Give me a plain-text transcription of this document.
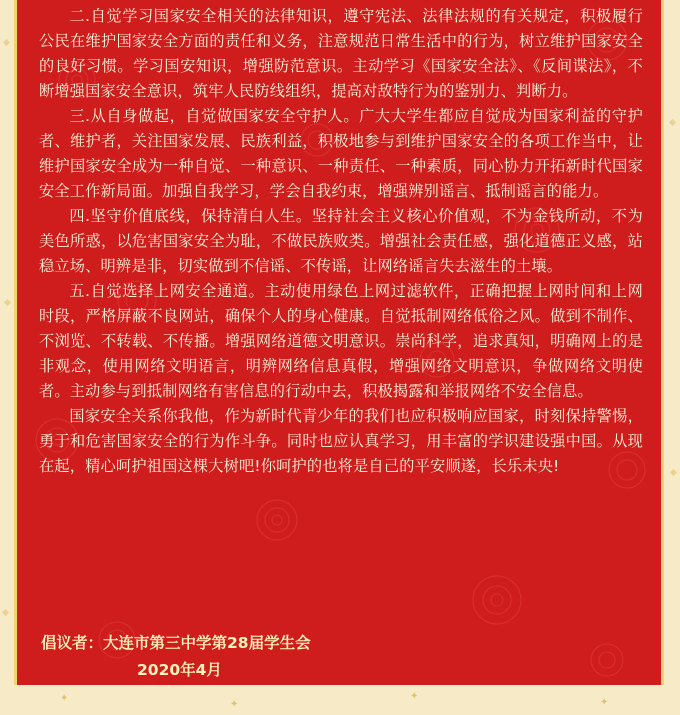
二.自觉学习国家安全相关的法律知识，遵守宪法、法律法规的有关规定，积极履行公民在维护国家安全方面的责任和义务，注意规范日常生活中的行为，树立维护国家安全的良好习惯。学习国安知识，增强防范意识。主动学习《国家安全法》、《反间谍法》，不断增强国家安全意识，筑牢人民防线组织，提高对敌特行为的鉴别力、判断力。

三.从自身做起，自觉做国家安全守护人。广大大学生都应自觉成为国家利益的守护者、维护者，关注国家发展、民族利益，积极地参与到维护国家安全的各项工作当中，让维护国家安全成为一种自觉、一种意识、一种责任、一种素质，同心协力开拓新时代国家安全工作新局面。加强自我学习，学会自我约束，增强辨别谣言、抵制谣言的能力。

四.坚守价值底线，保持清白人生。坚持社会主义核心价值观，不为金钱所动，不为美色所惑，以危害国家安全为耻，不做民族败类。增强社会责任感，强化道德正义感，站稳立场、明辨是非，切实做到不信谣、不传谣，让网络谣言失去滋生的土壤。

五.自觉选择上网安全通道。主动使用绿色上网过滤软件，正确把握上网时间和上网时段，严格屏蔽不良网站，确保个人的身心健康。自觉抵制网络低俗之风。做到不制作、不浏览、不转载、不传播。增强网络道德文明意识。崇尚科学，追求真知，明确网上的是非观念，使用网络文明语言，明辨网络信息真假，增强网络文明意识，争做网络文明使者。主动参与到抵制网络有害信息的行动中去，积极揭露和举报网络不安全信息。

国家安全关系你我他，作为新时代青少年的我们也应积极响应国家，时刻保持警惕，勇于和危害国家安全的行为作斗争。同时也应认真学习，用丰富的学识建设强中国。从现在起，精心呵护祖国这棵大树吧!你呵护的也将是自己的平安顺遂，长乐未央!

倡议者：大连市第三中学第28届学生会
2020年4月
✦
✦
✦
✦
